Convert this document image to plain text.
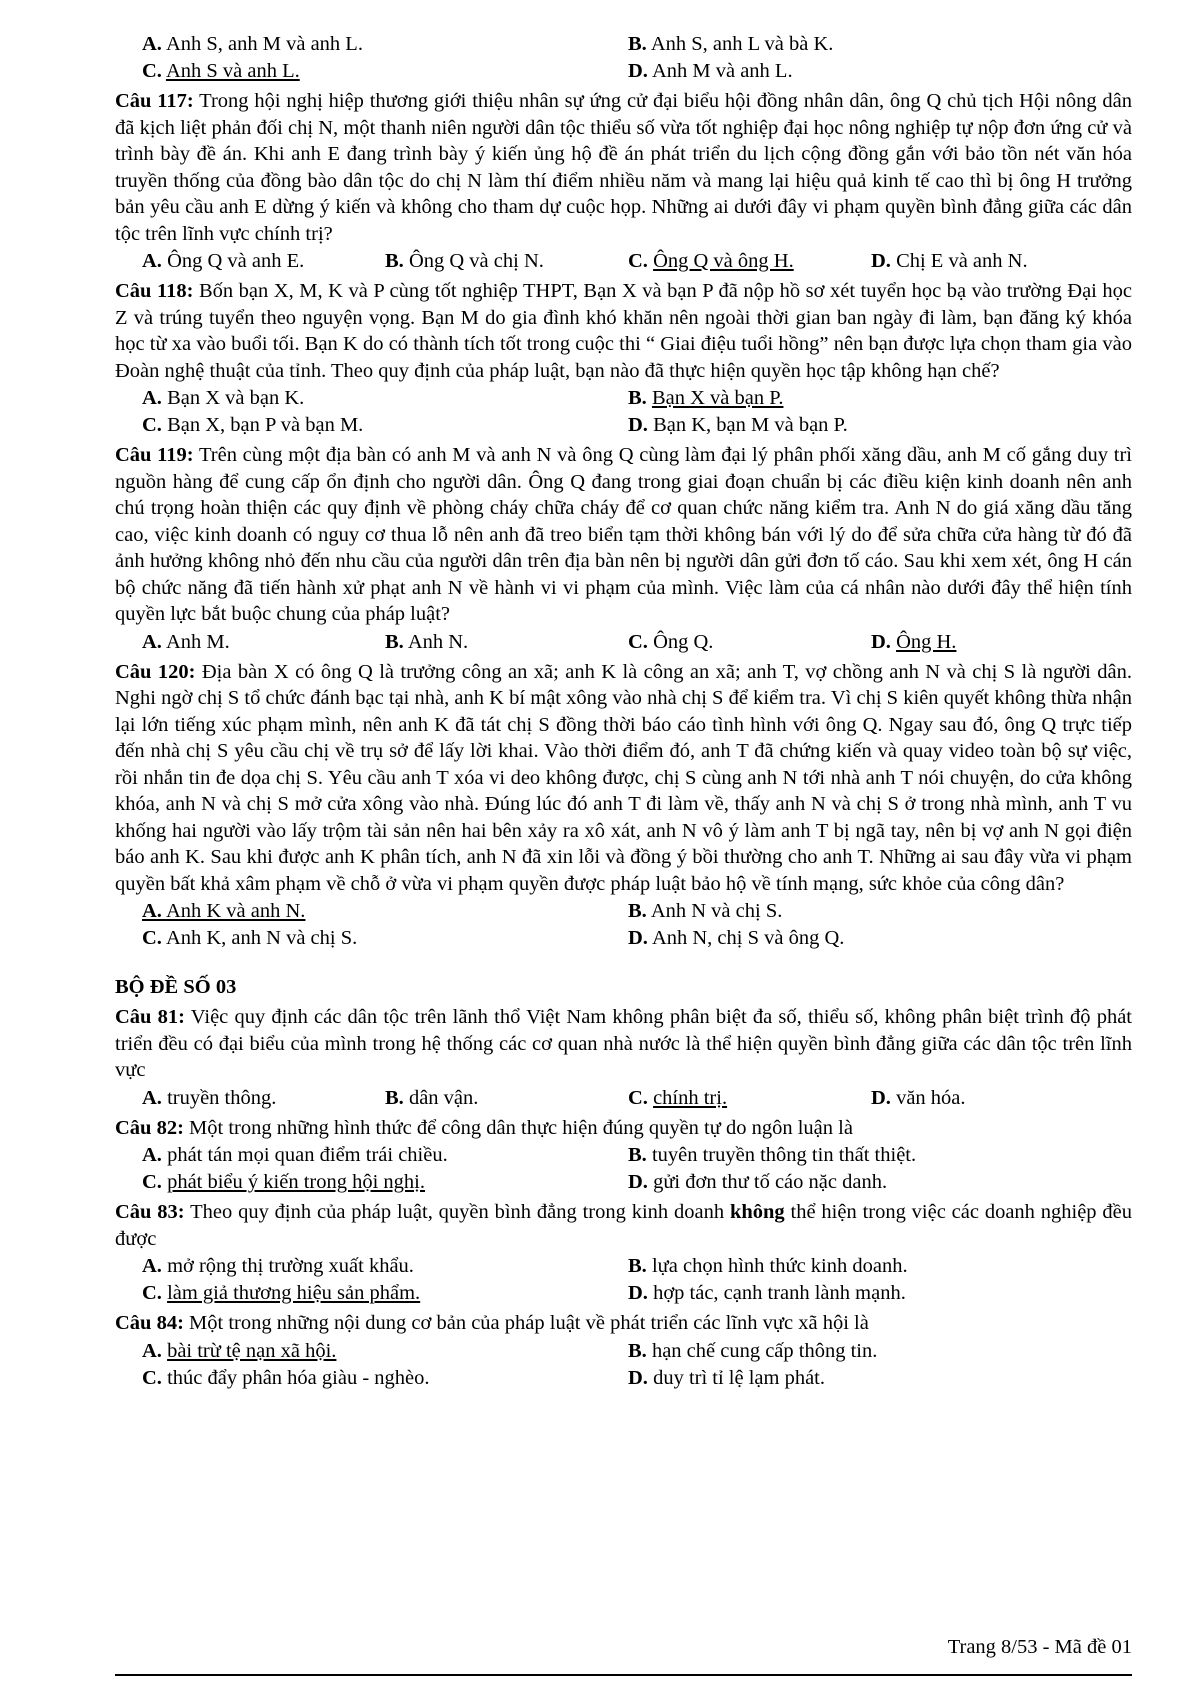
A. Anh S, anh M và anh L.	B. Anh S, anh L và bà K.
C. Anh S và anh L.	D. Anh M và anh L.
Câu 117: Trong hội nghị hiệp thương giới thiệu nhân sự ứng cử đại biểu hội đồng nhân dân, ông Q chủ tịch Hội nông dân đã kịch liệt phản đối chị N, một thanh niên người dân tộc thiểu số vừa tốt nghiệp đại học nông nghiệp tự nộp đơn ứng cử và trình bày đề án. Khi anh E đang trình bày ý kiến ủng hộ đề án phát triển du lịch cộng đồng gắn với bảo tồn nét văn hóa truyền thống của đồng bào dân tộc do chị N làm thí điểm nhiều năm và mang lại hiệu quả kinh tế cao thì bị ông H trưởng bản yêu cầu anh E dừng ý kiến và không cho tham dự cuộc họp. Những ai dưới đây vi phạm quyền bình đẳng giữa các dân tộc trên lĩnh vực chính trị?
A. Ông Q và anh E.	B. Ông Q và chị N.	C. Ông Q và ông H.	D. Chị E và anh N.
Câu 118: Bốn bạn X, M, K và P cùng tốt nghiệp THPT, Bạn X và bạn P đã nộp hồ sơ xét tuyển học bạ vào trường Đại học Z và trúng tuyển theo nguyện vọng. Bạn M do gia đình khó khăn nên ngoài thời gian ban ngày đi làm, bạn đăng ký khóa học từ xa vào buổi tối. Bạn K do có thành tích tốt trong cuộc thi “ Giai điệu tuổi hồng” nên bạn được lựa chọn tham gia vào Đoàn nghệ thuật của tỉnh. Theo quy định của pháp luật, bạn nào đã thực hiện quyền học tập không hạn chế?
A. Bạn X và bạn K.	B. Bạn X và bạn P.
C. Bạn X, bạn P và bạn M.	D. Bạn K, bạn M và bạn P.
Câu 119: Trên cùng một địa bàn có anh M và anh N và ông Q cùng làm đại lý phân phối xăng dầu, anh M cố gắng duy trì nguồn hàng để cung cấp ổn định cho người dân. Ông Q đang trong giai đoạn chuẩn bị các điều kiện kinh doanh nên anh chú trọng hoàn thiện các quy định về phòng cháy chữa cháy để cơ quan chức năng kiểm tra. Anh N do giá xăng dầu tăng cao, việc kinh doanh có nguy cơ thua lỗ nên anh đã treo biển tạm thời không bán với lý do để sửa chữa cửa hàng từ đó đã ảnh hưởng không nhỏ đến nhu cầu của người dân trên địa bàn nên bị người dân gửi đơn tố cáo. Sau khi xem xét, ông H cán bộ chức năng đã tiến hành xử phạt anh N về hành vi vi phạm của mình. Việc làm của cá nhân nào dưới đây thể hiện tính quyền lực bắt buộc chung của pháp luật?
A. Anh M.	B. Anh N.	C. Ông Q.	D. Ông H.
Câu 120: Địa bàn X có ông Q là trưởng công an xã; anh K là công an xã; anh T, vợ chồng anh N và chị S là người dân. Nghi ngờ chị S tổ chức đánh bạc tại nhà, anh K bí mật xông vào nhà chị S để kiểm tra. Vì chị S kiên quyết không thừa nhận lại lớn tiếng xúc phạm mình, nên anh K đã tát chị S đồng thời báo cáo tình hình với ông Q. Ngay sau đó, ông Q trực tiếp đến nhà chị S yêu cầu chị về trụ sở để lấy lời khai. Vào thời điểm đó, anh T đã chứng kiến và quay video toàn bộ sự việc, rồi nhắn tin đe dọa chị S. Yêu cầu anh T xóa vi deo không được, chị S cùng anh N tới nhà anh T nói chuyện, do cửa không khóa, anh N và chị S mở cửa xông vào nhà. Đúng lúc đó anh T đi làm về, thấy anh N và chị S ở trong nhà mình, anh T vu khống hai người vào lấy trộm tài sản nên hai bên xảy ra xô xát, anh N vô ý làm anh T bị ngã tay, nên bị vợ anh N gọi điện báo anh K. Sau khi được anh K phân tích, anh N đã xin lỗi và đồng ý bồi thường cho anh T. Những ai sau đây vừa vi phạm quyền bất khả xâm phạm về chỗ ở vừa vi phạm quyền được pháp luật bảo hộ về tính mạng, sức khỏe của công dân?
A. Anh K và anh N.	B. Anh N và chị S.
C. Anh K, anh N và chị S.	D. Anh N, chị S và ông Q.
BỘ ĐỀ SỐ 03
Câu 81: Việc quy định các dân tộc trên lãnh thổ Việt Nam không phân biệt đa số, thiểu số, không phân biệt trình độ phát triển đều có đại biểu của mình trong hệ thống các cơ quan nhà nước là thể hiện quyền bình đẳng giữa các dân tộc trên lĩnh vực
A. truyền thông.	B. dân vận.	C. chính trị.	D. văn hóa.
Câu 82: Một trong những hình thức để công dân thực hiện đúng quyền tự do ngôn luận là
A. phát tán mọi quan điểm trái chiều.	B. tuyên truyền thông tin thất thiệt.
C. phát biểu ý kiến trong hội nghị.	D. gửi đơn thư tố cáo nặc danh.
Câu 83: Theo quy định của pháp luật, quyền bình đẳng trong kinh doanh không thể hiện trong việc các doanh nghiệp đều được
A. mở rộng thị trường xuất khẩu.	B. lựa chọn hình thức kinh doanh.
C. làm giả thương hiệu sản phẩm.	D. hợp tác, cạnh tranh lành mạnh.
Câu 84: Một trong những nội dung cơ bản của pháp luật về phát triển các lĩnh vực xã hội là
A. bài trừ tệ nạn xã hội.	B. hạn chế cung cấp thông tin.
C. thúc đẩy phân hóa giàu - nghèo.	D. duy trì tỉ lệ lạm phát.
Trang 8/53 - Mã đề 01
